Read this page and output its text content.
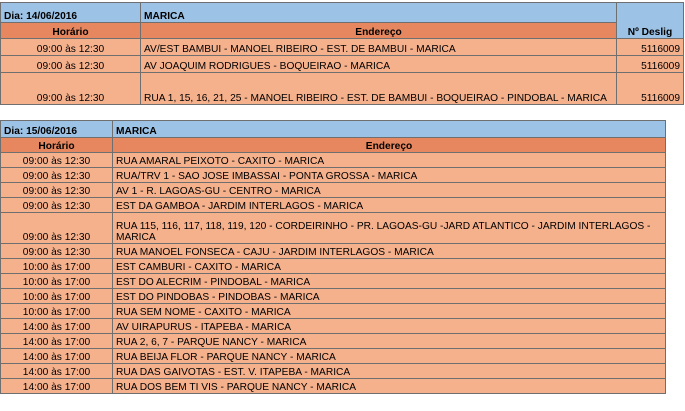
Dia: 14/06/2016	MARICA	Nº Deslig
Horário	Endereço	
09:00 às 12:30	AV/EST BAMBUI - MANOEL RIBEIRO - EST. DE BAMBUI - MARICA	5116009
09:00 às 12:30	AV JOAQUIM RODRIGUES - BOQUEIRAO - MARICA	5116009
09:00 às 12:30	RUA 1, 15, 16, 21, 25 - MANOEL RIBEIRO - EST. DE BAMBUI - BOQUEIRAO - PINDOBAL - MARICA	5116009
Dia: 15/06/2016	MARICA
Horário	Endereço
09:00 às 12:30	RUA AMARAL PEIXOTO - CAXITO - MARICA
09:00 às 12:30	RUA/TRV 1 - SAO JOSE IMBASSAI - PONTA GROSSA - MARICA
09:00 às 12:30	AV 1 - R. LAGOAS-GU - CENTRO - MARICA
09:00 às 12:30	EST DA GAMBOA - JARDIM INTERLAGOS - MARICA
09:00 às 12:30	RUA 115, 116, 117, 118, 119, 120 - CORDEIRINHO - PR. LAGOAS-GU -JARD ATLANTICO - JARDIM INTERLAGOS - MARICA
09:00 às 12:30	RUA MANOEL FONSECA - CAJU - JARDIM INTERLAGOS - MARICA
10:00 às 17:00	EST CAMBURI - CAXITO - MARICA
10:00 às 17:00	EST DO ALECRIM - PINDOBAL - MARICA
10:00 às 17:00	EST DO PINDOBAS - PINDOBAS - MARICA
10:00 às 17:00	RUA SEM NOME - CAXITO - MARICA
14:00 às 17:00	AV UIRAPURUS - ITAPEBA - MARICA
14:00 às 17:00	RUA 2, 6, 7 - PARQUE NANCY - MARICA
14:00 às 17:00	RUA BEIJA FLOR - PARQUE NANCY - MARICA
14:00 às 17:00	RUA DAS GAIVOTAS - EST. V. ITAPEBA - MARICA
14:00 às 17:00	RUA DOS BEM TI VIS - PARQUE NANCY - MARICA
